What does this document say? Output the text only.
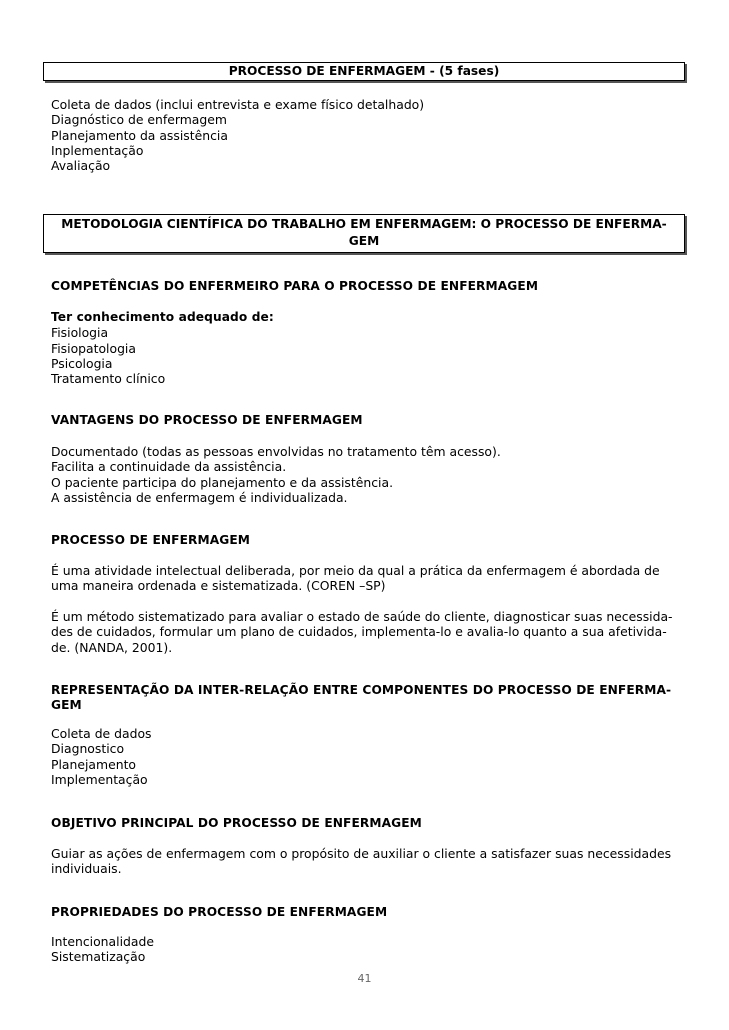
PROCESSO DE ENFERMAGEM - (5 fases)
Coleta de dados (inclui entrevista e exame físico detalhado)
Diagnóstico de enfermagem
Planejamento da assistência
Inplementação
Avaliação
METODOLOGIA CIENTÍFICA DO TRABALHO EM ENFERMAGEM: O PROCESSO DE ENFERMA-
GEM
COMPETÊNCIAS DO ENFERMEIRO PARA O PROCESSO DE ENFERMAGEM
Ter conhecimento adequado de:
Fisiologia
Fisiopatologia
Psicologia
Tratamento clínico
VANTAGENS DO PROCESSO DE ENFERMAGEM
Documentado (todas as pessoas envolvidas no tratamento têm acesso).
Facilita a continuidade da assistência.
O paciente participa do planejamento e da assistência.
A assistência de enfermagem é individualizada.
PROCESSO DE ENFERMAGEM
É uma atividade intelectual deliberada, por meio da qual a prática da enfermagem é abordada de
uma maneira ordenada e sistematizada. (COREN –SP)
É um método sistematizado para avaliar o estado de saúde do cliente, diagnosticar suas necessida-
des de cuidados, formular um plano de cuidados, implementa-lo e avalia-lo quanto a sua afetivida-
de. (NANDA, 2001).
REPRESENTAÇÃO DA INTER-RELAÇÃO ENTRE COMPONENTES DO PROCESSO DE ENFERMA-
GEM
Coleta de dados
Diagnostico
Planejamento
Implementação
OBJETIVO PRINCIPAL DO PROCESSO DE ENFERMAGEM
Guiar as ações de enfermagem com o propósito de auxiliar o cliente a satisfazer suas necessidades
individuais.
PROPRIEDADES DO PROCESSO DE ENFERMAGEM
Intencionalidade
Sistematização
41
